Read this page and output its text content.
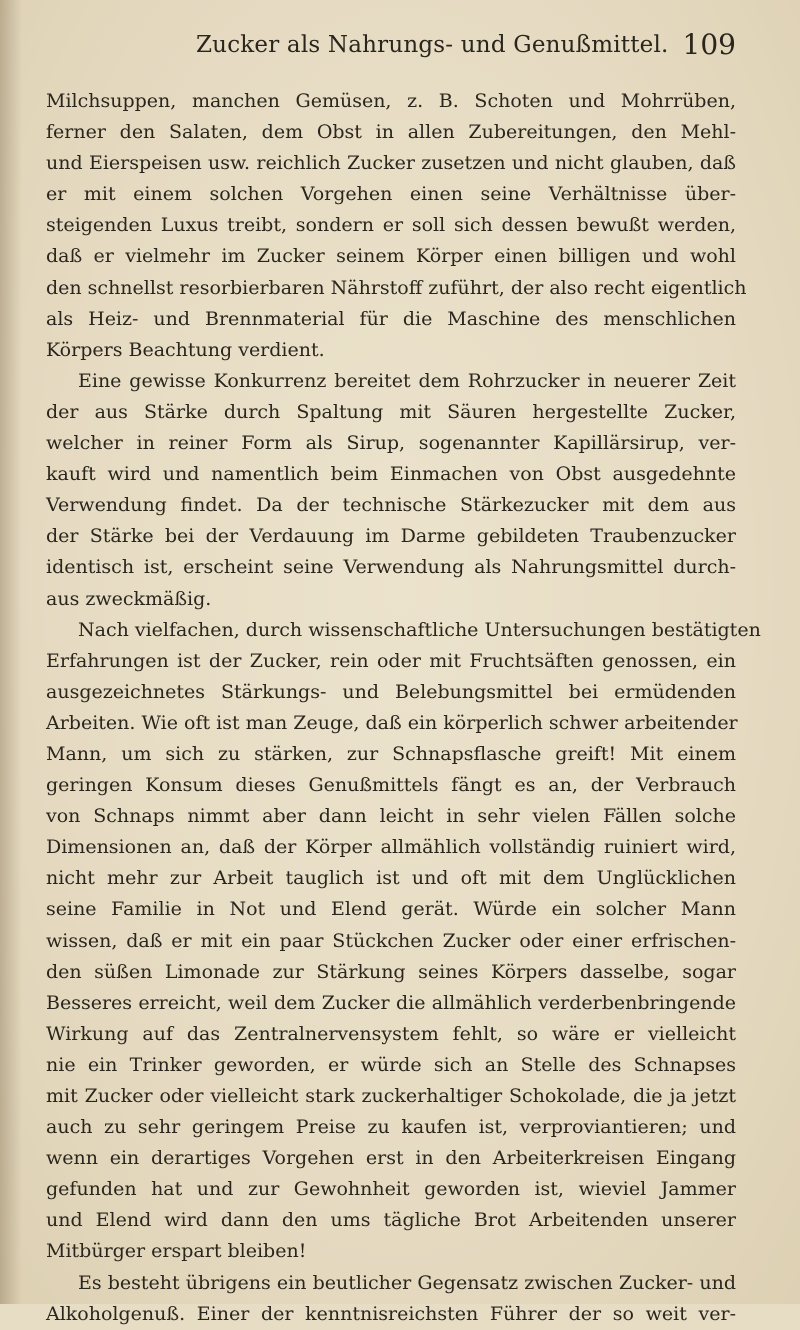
Zucker als Nahrungs- und Genußmittel. 109
Milchsuppen, manchen Gemüsen, z. B. Schoten und Mohrrüben,
ferner den Salaten, dem Obst in allen Zubereitungen, den Mehl-
und Eierspeisen usw. reichlich Zucker zusetzen und nicht glauben, daß
er mit einem solchen Vorgehen einen seine Verhältnisse über-
steigenden Luxus treibt, sondern er soll sich dessen bewußt werden,
daß er vielmehr im Zucker seinem Körper einen billigen und wohl
den schnellst resorbierbaren Nährstoff zuführt, der also recht eigentlich
als Heiz- und Brennmaterial für die Maschine des menschlichen
Körpers Beachtung verdient.
Eine gewisse Konkurrenz bereitet dem Rohrzucker in neuerer Zeit
der aus Stärke durch Spaltung mit Säuren hergestellte Zucker,
welcher in reiner Form als Sirup, sogenannter Kapillärsirup, ver-
kauft wird und namentlich beim Einmachen von Obst ausgedehnte
Verwendung findet. Da der technische Stärkezucker mit dem aus
der Stärke bei der Verdauung im Darme gebildeten Traubenzucker
identisch ist, erscheint seine Verwendung als Nahrungsmittel durch-
aus zweckmäßig.
Nach vielfachen, durch wissenschaftliche Untersuchungen bestätigten
Erfahrungen ist der Zucker, rein oder mit Fruchtsäften genossen, ein
ausgezeichnetes Stärkungs- und Belebungsmittel bei ermüdenden
Arbeiten. Wie oft ist man Zeuge, daß ein körperlich schwer arbeitender
Mann, um sich zu stärken, zur Schnapsflasche greift! Mit einem
geringen Konsum dieses Genußmittels fängt es an, der Verbrauch
von Schnaps nimmt aber dann leicht in sehr vielen Fällen solche
Dimensionen an, daß der Körper allmählich vollständig ruiniert wird,
nicht mehr zur Arbeit tauglich ist und oft mit dem Unglücklichen
seine Familie in Not und Elend gerät. Würde ein solcher Mann
wissen, daß er mit ein paar Stückchen Zucker oder einer erfrischen-
den süßen Limonade zur Stärkung seines Körpers dasselbe, sogar
Besseres erreicht, weil dem Zucker die allmählich verderbenbringende
Wirkung auf das Zentralnervensystem fehlt, so wäre er vielleicht
nie ein Trinker geworden, er würde sich an Stelle des Schnapses
mit Zucker oder vielleicht stark zuckerhaltiger Schokolade, die ja jetzt
auch zu sehr geringem Preise zu kaufen ist, verproviantieren; und
wenn ein derartiges Vorgehen erst in den Arbeiterkreisen Eingang
gefunden hat und zur Gewohnheit geworden ist, wieviel Jammer
und Elend wird dann den ums tägliche Brot Arbeitenden unserer
Mitbürger erspart bleiben!
Es besteht übrigens ein beutlicher Gegensatz zwischen Zucker- und
Alkoholgenuß. Einer der kenntnisreichsten Führer der so weit ver-
